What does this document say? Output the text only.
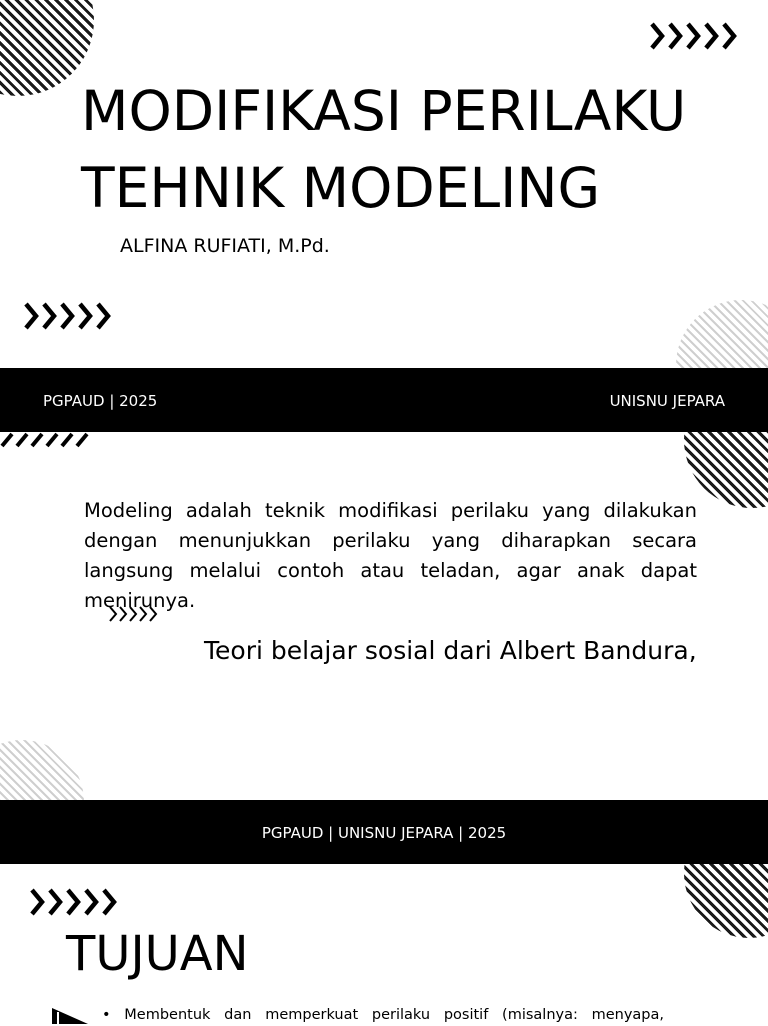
MODIFIKASI PERILAKU
TEHNIK MODELING
ALFINA RUFIATI, M.Pd.
PGPAUD | 2025	UNISNU JEPARA
Modeling adalah teknik modifikasi perilaku yang dilakukan dengan menunjukkan perilaku yang diharapkan secara langsung melalui contoh atau teladan, agar anak dapat menirunya.
Teori belajar sosial dari Albert Bandura,
PGPAUD | UNISNU JEPARA | 2025
TUJUAN
• Membentuk dan memperkuat perilaku positif (misalnya: menyapa,
